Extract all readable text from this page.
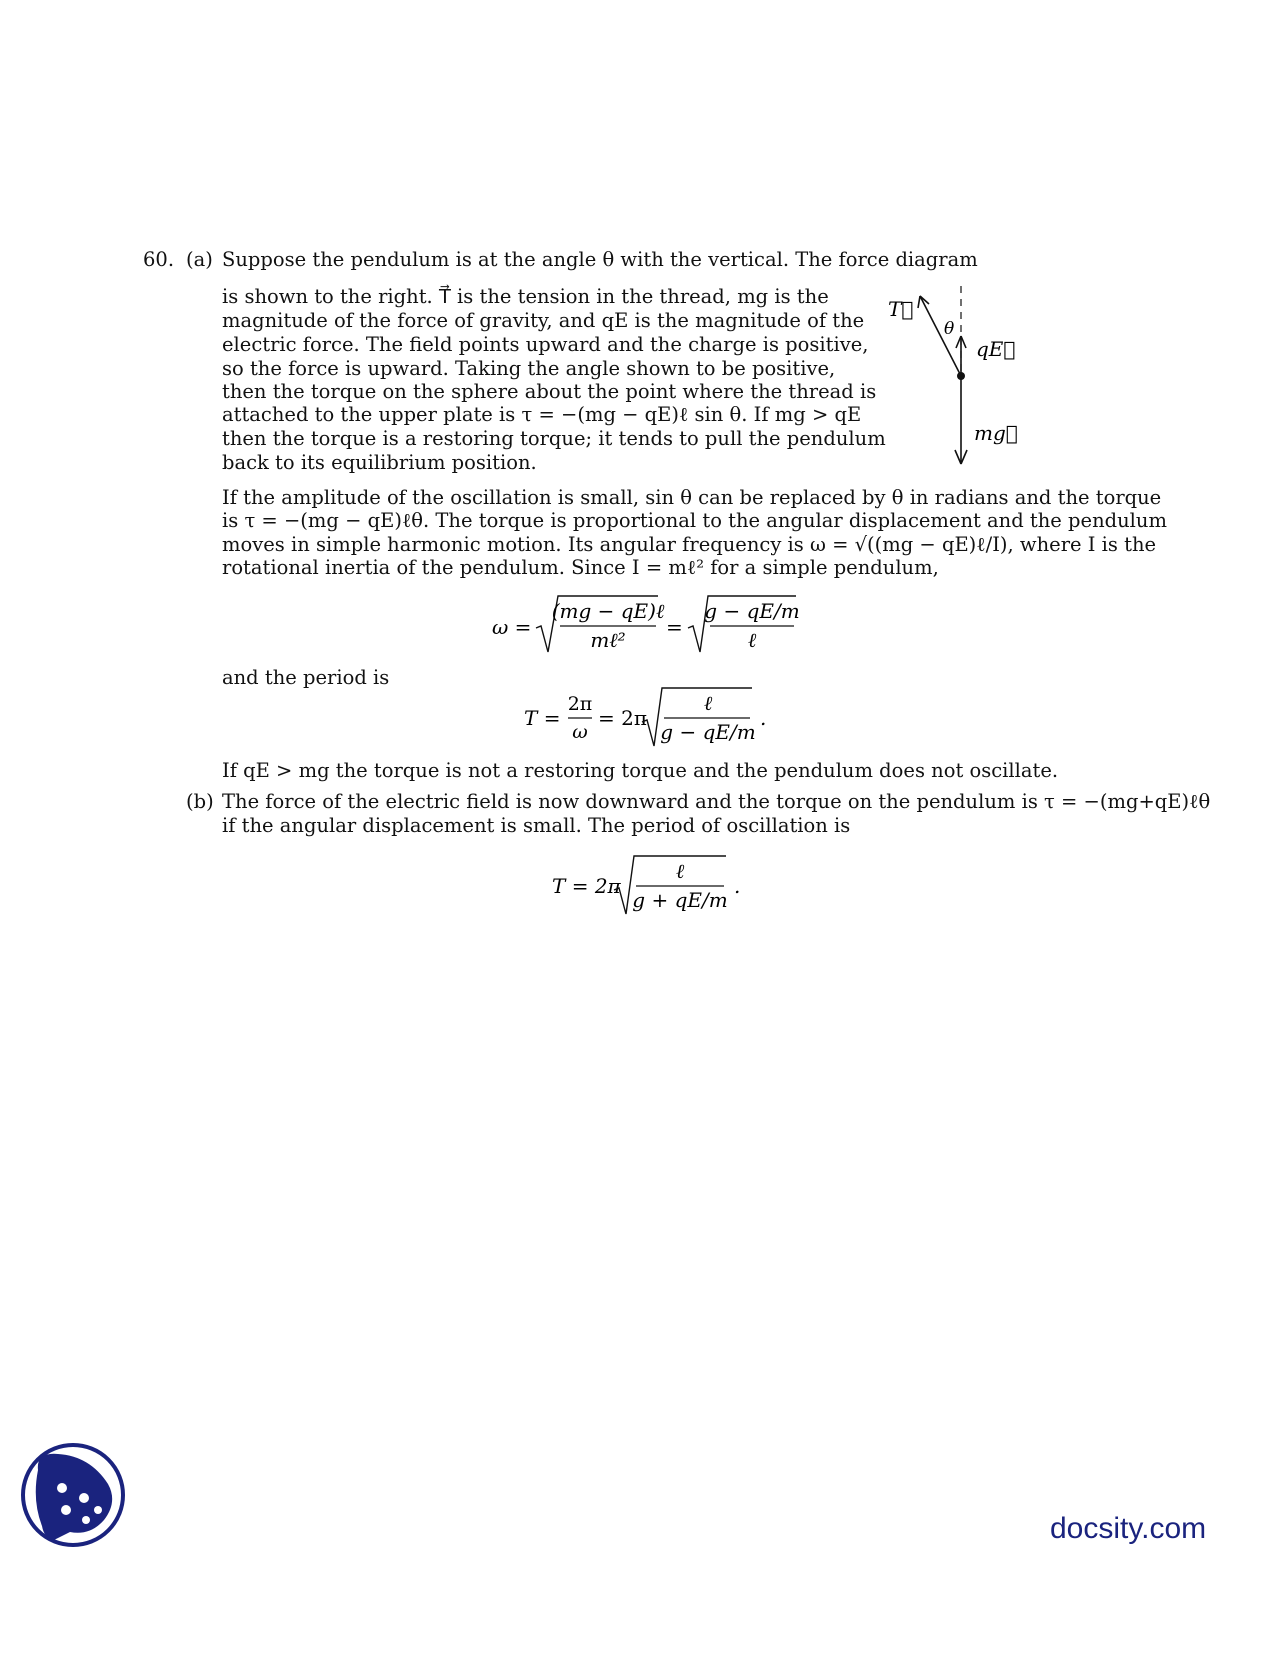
60. (a) Suppose the pendulum is at the angle θ with the vertical. The force diagram
is shown to the right. T⃗ is the tension in the thread, mg is the
magnitude of the force of gravity, and qE is the magnitude of the
electric force. The field points upward and the charge is positive,
so the force is upward. Taking the angle shown to be positive,
then the torque on the sphere about the point where the thread is
attached to the upper plate is τ = −(mg − qE)ℓ sin θ. If mg > qE
then the torque is a restoring torque; it tends to pull the pendulum
back to its equilibrium position.
T⃗
θ
qE⃗
mg⃗
If the amplitude of the oscillation is small, sin θ can be replaced by θ in radians and the torque
is τ = −(mg − qE)ℓθ. The torque is proportional to the angular displacement and the pendulum
moves in simple harmonic motion. Its angular frequency is ω = √((mg − qE)ℓ/I), where I is the
rotational inertia of the pendulum. Since I = mℓ² for a simple pendulum,
ω =
(mg − qE)ℓ
mℓ²
=
g − qE/m
ℓ
and the period is
T =
2π
ω
= 2π
ℓ
g − qE/m
.
If qE > mg the torque is not a restoring torque and the pendulum does not oscillate.
(b) The force of the electric field is now downward and the torque on the pendulum is τ = −(mg+qE)ℓθ
if the angular displacement is small. The period of oscillation is
T = 2π
ℓ
g + qE/m
.
docsity.com
